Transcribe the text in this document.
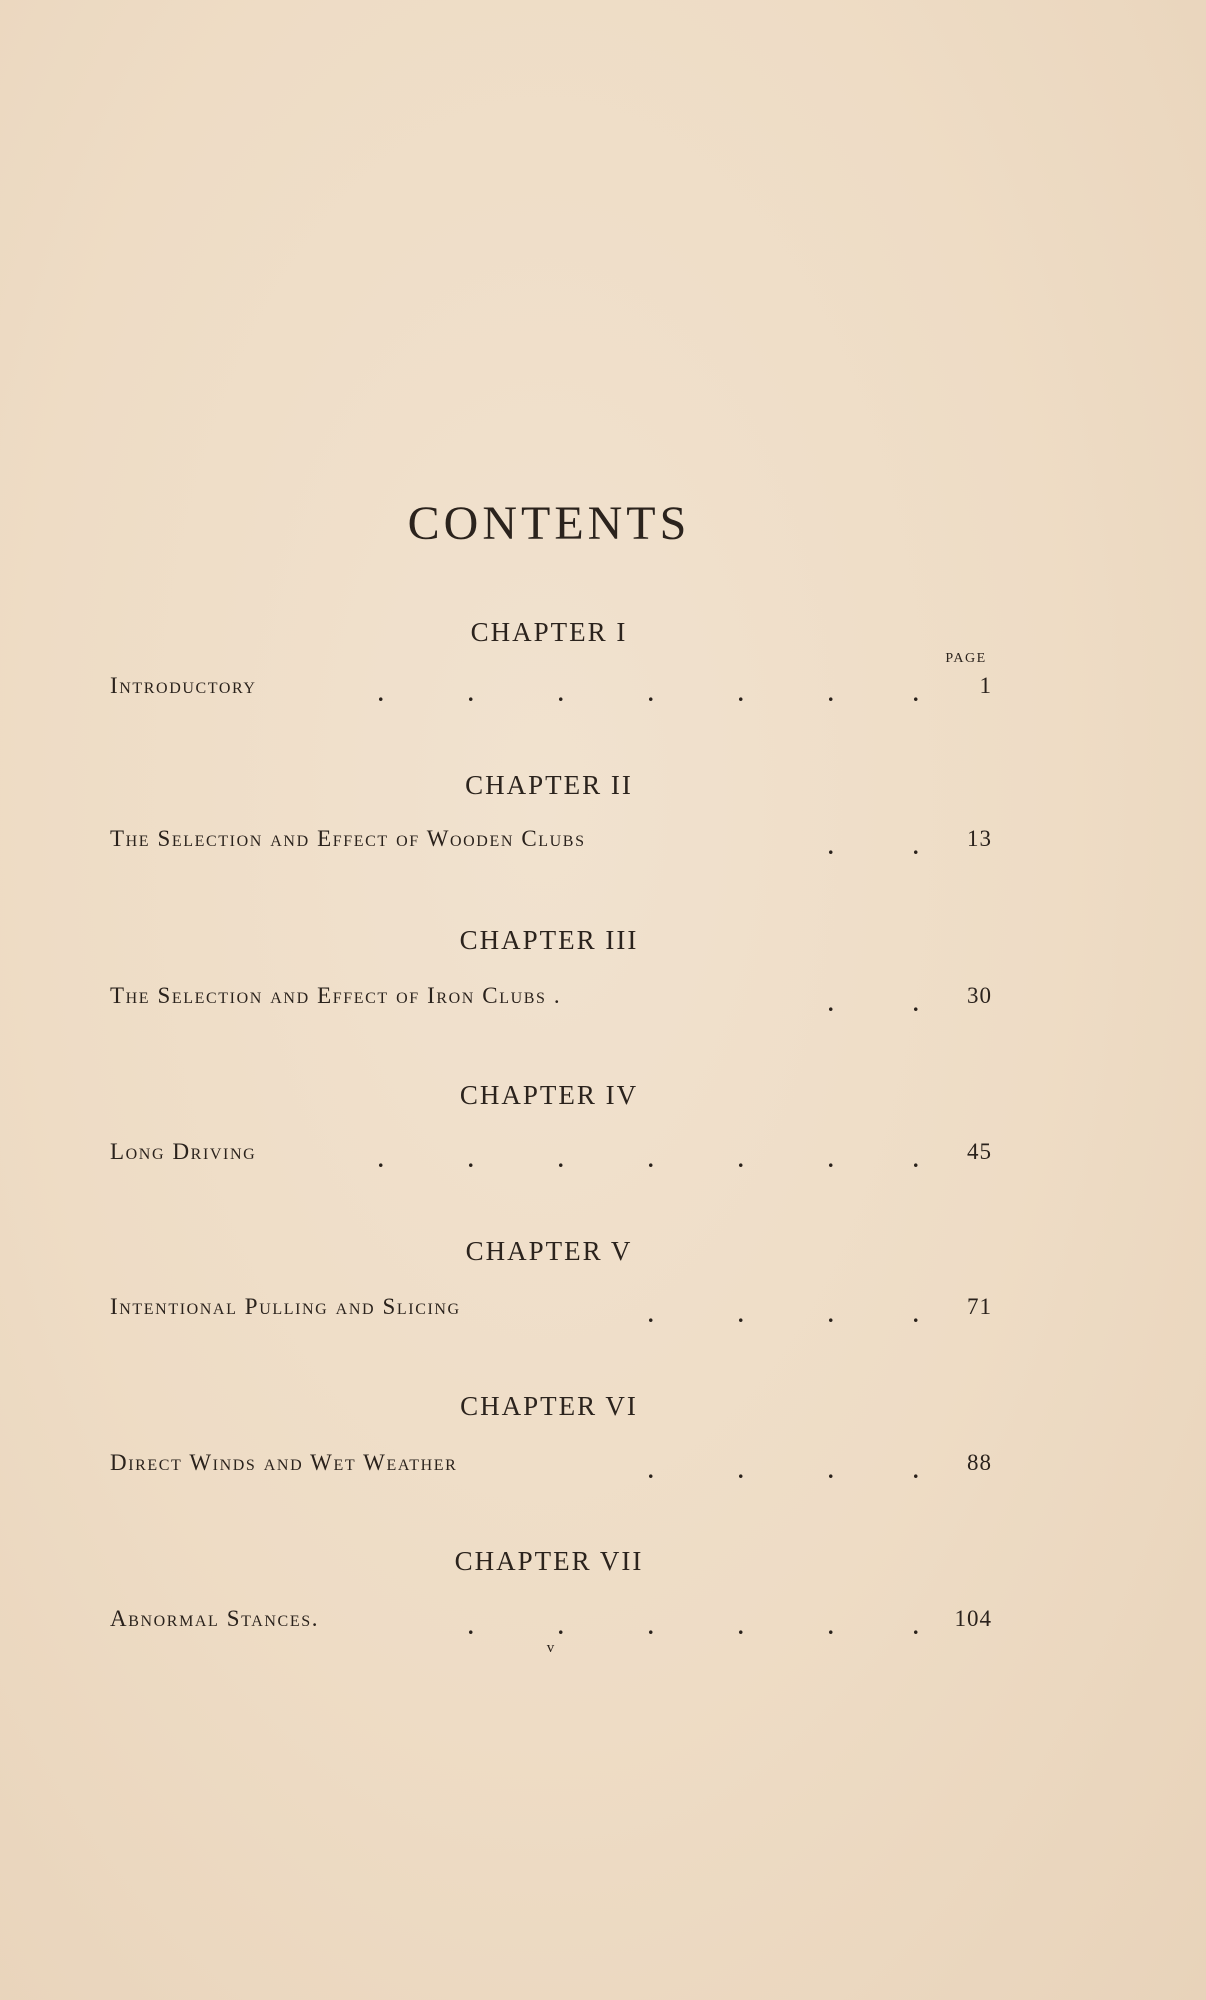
CONTENTS
PAGE
CHAPTER I
Introductory	.	.	.	.	.	.	.	1
CHAPTER II
The Selection and Effect of Wooden Clubs	.	. 13
CHAPTER III
The Selection and Effect of Iron Clubs .	.	. 30
CHAPTER IV
Long Driving	.	.	.	.	.	.	. 45
CHAPTER V
Intentional Pulling and Slicing	.	.	.	. 71
CHAPTER VI
Direct Winds and Wet Weather	.	.	.	. 88
CHAPTER VII
Abnormal Stances.	.	.	.	.	.	. 104
v
